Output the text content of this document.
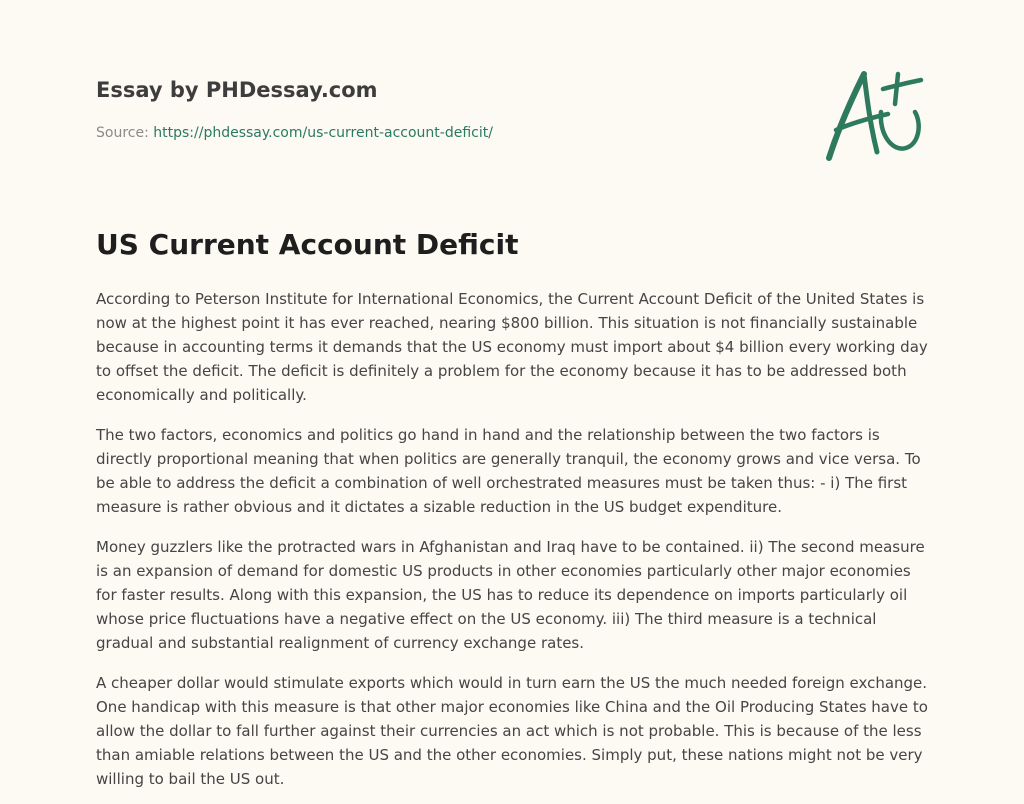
Essay by PHDessay.com
Source: https://phdessay.com/us-current-account-deficit/
US Current Account Deficit

According to Peterson Institute for International Economics, the Current Account Deficit of the United States is now at the highest point it has ever reached, nearing $800 billion. This situation is not financially sustainable because in accounting terms it demands that the US economy must import about $4 billion every working day to offset the deficit. The deficit is definitely a problem for the economy because it has to be addressed both economically and politically.

The two factors, economics and politics go hand in hand and the relationship between the two factors is directly proportional meaning that when politics are generally tranquil, the economy grows and vice versa. To be able to address the deficit a combination of well orchestrated measures must be taken thus: - i) The first measure is rather obvious and it dictates a sizable reduction in the US budget expenditure.

Money guzzlers like the protracted wars in Afghanistan and Iraq have to be contained. ii) The second measure is an expansion of demand for domestic US products in other economies particularly other major economies for faster results. Along with this expansion, the US has to reduce its dependence on imports particularly oil whose price fluctuations have a negative effect on the US economy. iii) The third measure is a technical gradual and substantial realignment of currency exchange rates.

A cheaper dollar would stimulate exports which would in turn earn the US the much needed foreign exchange. One handicap with this measure is that other major economies like China and the Oil Producing States have to allow the dollar to fall further against their currencies an act which is not probable. This is because of the less than amiable relations between the US and the other economies. Simply put, these nations might not be very willing to bail the US out.
